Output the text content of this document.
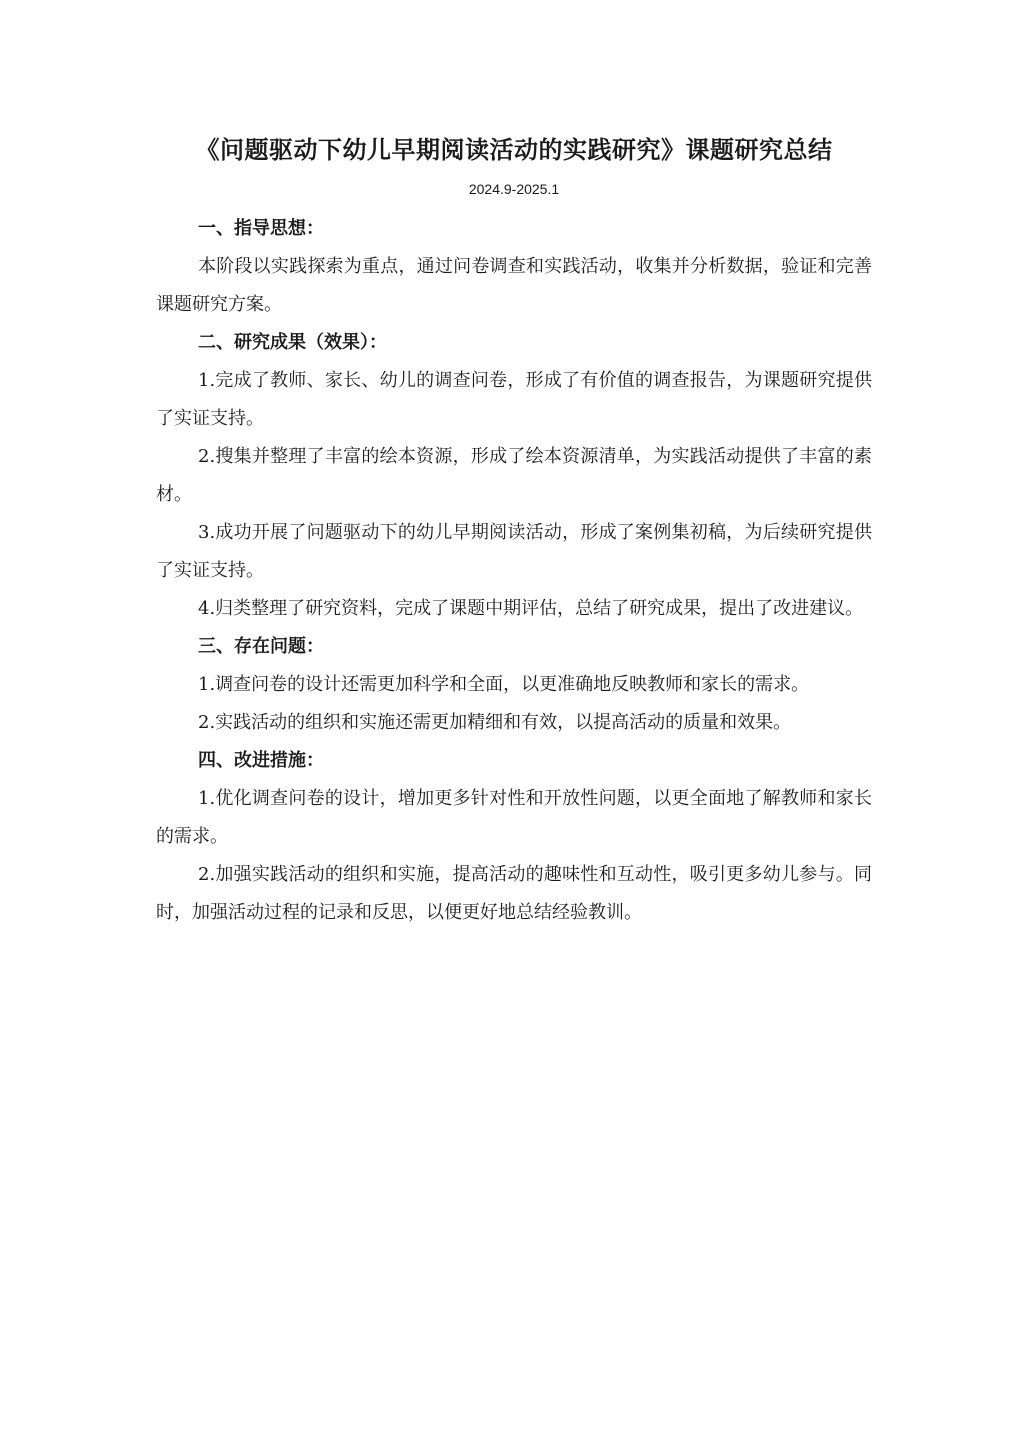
《问题驱动下幼儿早期阅读活动的实践研究》课题研究总结
2024.9-2025.1

一、指导思想：

本阶段以实践探索为重点，通过问卷调查和实践活动，收集并分析数据，验证和完善课题研究方案。

二、研究成果（效果）：

1.完成了教师、家长、幼儿的调查问卷，形成了有价值的调查报告，为课题研究提供了实证支持。

2.搜集并整理了丰富的绘本资源，形成了绘本资源清单，为实践活动提供了丰富的素材。

3.成功开展了问题驱动下的幼儿早期阅读活动，形成了案例集初稿，为后续研究提供了实证支持。

4.归类整理了研究资料，完成了课题中期评估，总结了研究成果，提出了改进建议。

三、存在问题：

1.调查问卷的设计还需更加科学和全面，以更准确地反映教师和家长的需求。

2.实践活动的组织和实施还需更加精细和有效，以提高活动的质量和效果。

四、改进措施：

1.优化调查问卷的设计，增加更多针对性和开放性问题，以更全面地了解教师和家长的需求。

2.加强实践活动的组织和实施，提高活动的趣味性和互动性，吸引更多幼儿参与。同时，加强活动过程的记录和反思，以便更好地总结经验教训。
